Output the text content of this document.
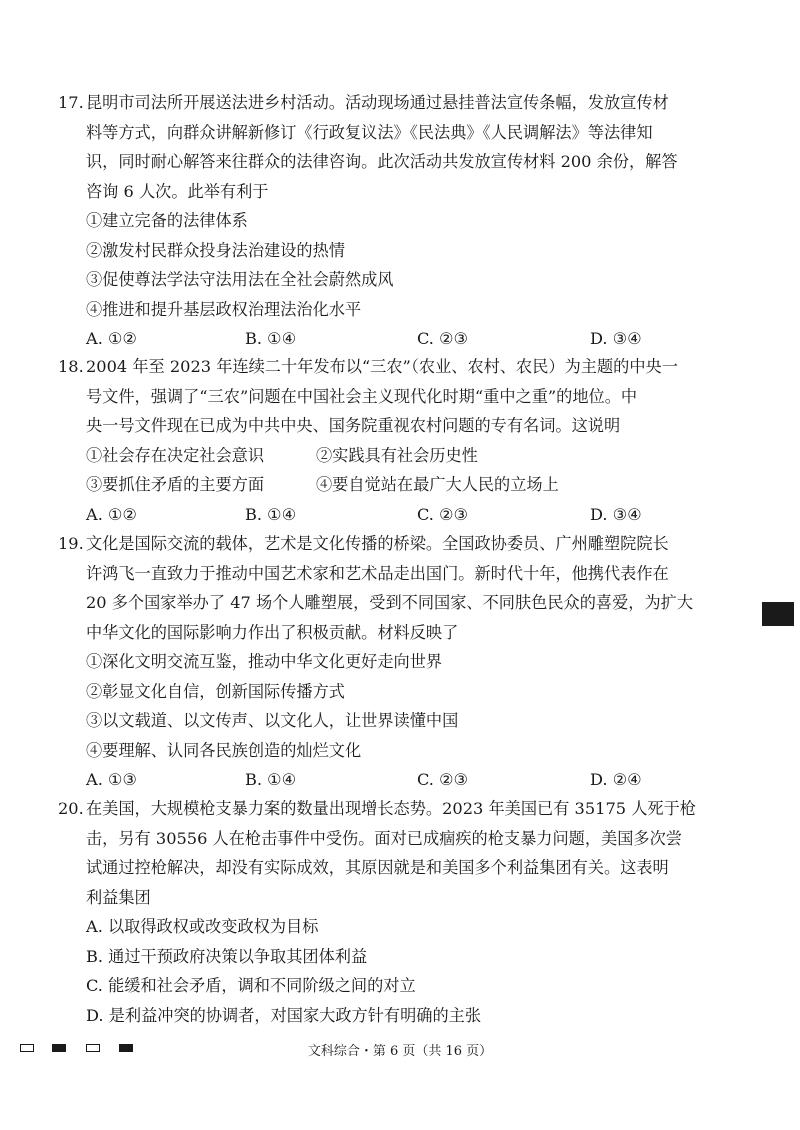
17. 昆明市司法所开展送法进乡村活动。活动现场通过悬挂普法宣传条幅，发放宣传材
料等方式，向群众讲解新修订《行政复议法》《民法典》《人民调解法》等法律知
识，同时耐心解答来往群众的法律咨询。此次活动共发放宣传材料 200 余份，解答
咨询 6 人次。此举有利于
①建立完备的法律体系
②激发村民群众投身法治建设的热情
③促使尊法学法守法用法在全社会蔚然成风
④推进和提升基层政权治理法治化水平
A. ①②	B. ①④	C. ②③	D. ③④
18. 2004 年至 2023 年连续二十年发布以“三农”（农业、农村、农民）为主题的中央一
号文件，强调了“三农”问题在中国社会主义现代化时期“重中之重”的地位。中
央一号文件现在已成为中共中央、国务院重视农村问题的专有名词。这说明
①社会存在决定社会意识	②实践具有社会历史性
③要抓住矛盾的主要方面	④要自觉站在最广大人民的立场上
A. ①②	B. ①④	C. ②③	D. ③④
19. 文化是国际交流的载体，艺术是文化传播的桥梁。全国政协委员、广州雕塑院院长
许鸿飞一直致力于推动中国艺术家和艺术品走出国门。新时代十年，他携代表作在
20 多个国家举办了 47 场个人雕塑展，受到不同国家、不同肤色民众的喜爱，为扩大
中华文化的国际影响力作出了积极贡献。材料反映了
①深化文明交流互鉴，推动中华文化更好走向世界
②彰显文化自信，创新国际传播方式
③以文载道、以文传声、以文化人，让世界读懂中国
④要理解、认同各民族创造的灿烂文化
A. ①③	B. ①④	C. ②③	D. ②④
20. 在美国，大规模枪支暴力案的数量出现增长态势。2023 年美国已有 35175 人死于枪
击，另有 30556 人在枪击事件中受伤。面对已成痼疾的枪支暴力问题，美国多次尝
试通过控枪解决，却没有实际成效，其原因就是和美国多个利益集团有关。这表明
利益集团
A. 以取得政权或改变政权为目标
B. 通过干预政府决策以争取其团体利益
C. 能缓和社会矛盾，调和不同阶级之间的对立
D. 是利益冲突的协调者，对国家大政方针有明确的主张
文科综合・第 6 页（共 16 页）
